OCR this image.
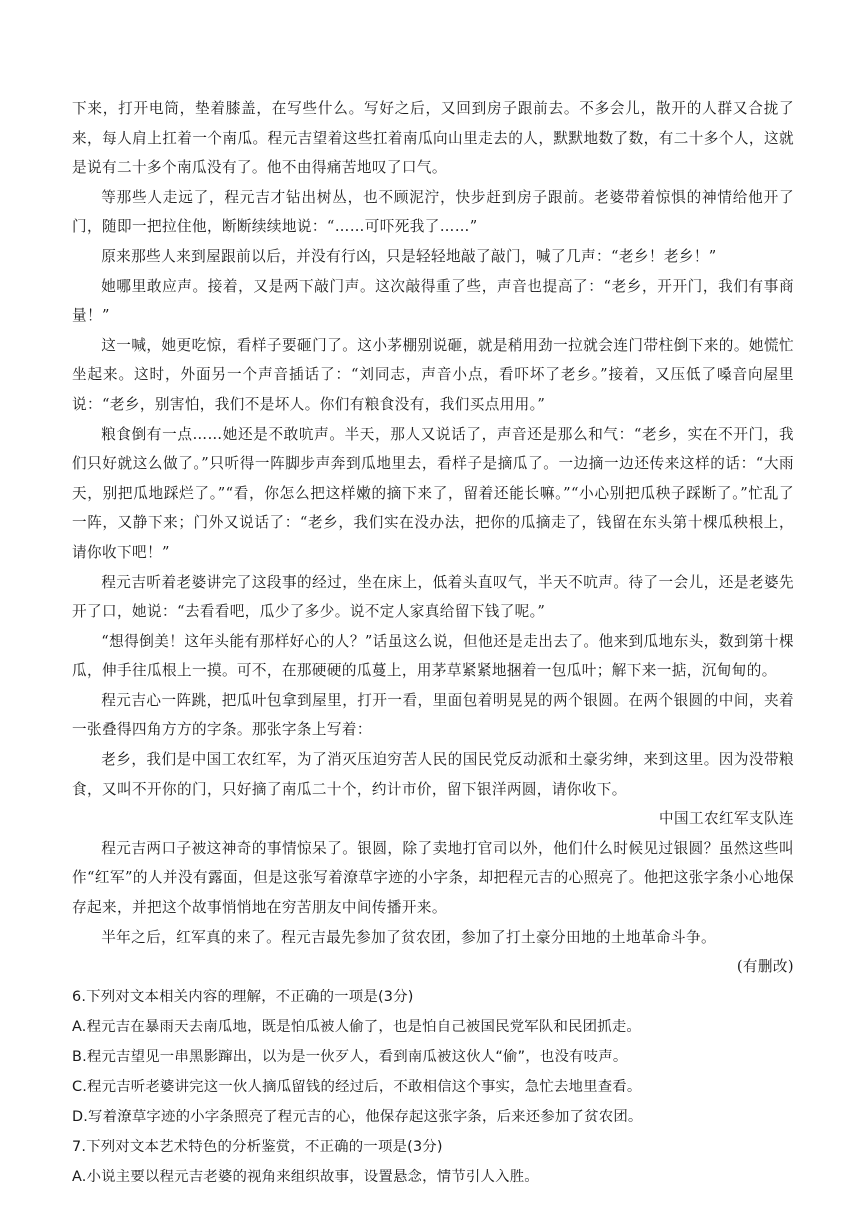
下来，打开电筒，垫着膝盖，在写些什么。写好之后，又回到房子跟前去。不多会儿，散开的人群又合拢了来，每人肩上扛着一个南瓜。程元吉望着这些扛着南瓜向山里走去的人，默默地数了数，有二十多个人，这就是说有二十多个南瓜没有了。他不由得痛苦地叹了口气。

等那些人走远了，程元吉才钻出树丛，也不顾泥泞，快步赶到房子跟前。老婆带着惊惧的神情给他开了门，随即一把拉住他，断断续续地说：“……可吓死我了……”

原来那些人来到屋跟前以后，并没有行凶，只是轻轻地敲了敲门，喊了几声：“老乡！老乡！”

她哪里敢应声。接着，又是两下敲门声。这次敲得重了些，声音也提高了：“老乡，开开门，我们有事商量！”

这一喊，她更吃惊，看样子要砸门了。这小茅棚别说砸，就是稍用劲一拉就会连门带柱倒下来的。她慌忙坐起来。这时，外面另一个声音插话了：“刘同志，声音小点，看吓坏了老乡。”接着，又压低了嗓音向屋里说：“老乡，别害怕，我们不是坏人。你们有粮食没有，我们买点用用。”

粮食倒有一点……她还是不敢吭声。半天，那人又说话了，声音还是那么和气：“老乡，实在不开门，我们只好就这么做了。”只听得一阵脚步声奔到瓜地里去，看样子是摘瓜了。一边摘一边还传来这样的话：“大雨天，别把瓜地踩烂了。”“看，你怎么把这样嫩的摘下来了，留着还能长嘛。”“小心别把瓜秧子踩断了。”忙乱了一阵，又静下来；门外又说话了：“老乡，我们实在没办法，把你的瓜摘走了，钱留在东头第十棵瓜秧根上，请你收下吧！”

程元吉听着老婆讲完了这段事的经过，坐在床上，低着头直叹气，半天不吭声。待了一会儿，还是老婆先开了口，她说：“去看看吧，瓜少了多少。说不定人家真给留下钱了呢。”

“想得倒美！这年头能有那样好心的人？”话虽这么说，但他还是走出去了。他来到瓜地东头，数到第十棵瓜，伸手往瓜根上一摸。可不，在那硬硬的瓜蔓上，用茅草紧紧地捆着一包瓜叶；解下来一掂，沉甸甸的。

程元吉心一阵跳，把瓜叶包拿到屋里，打开一看，里面包着明晃晃的两个银圆。在两个银圆的中间，夹着一张叠得四角方方的字条。那张字条上写着：

老乡，我们是中国工农红军，为了消灭压迫穷苦人民的国民党反动派和土豪劣绅，来到这里。因为没带粮食，又叫不开你的门，只好摘了南瓜二十个，约计市价，留下银洋两圆，请你收下。

中国工农红军支队连

程元吉两口子被这神奇的事情惊呆了。银圆，除了卖地打官司以外，他们什么时候见过银圆？虽然这些叫作“红军”的人并没有露面，但是这张写着潦草字迹的小字条，却把程元吉的心照亮了。他把这张字条小心地保存起来，并把这个故事悄悄地在穷苦朋友中间传播开来。

半年之后，红军真的来了。程元吉最先参加了贫农团，参加了打土豪分田地的土地革命斗争。

(有删改)

6.下列对文本相关内容的理解，不正确的一项是(3分)
A.程元吉在暴雨天去南瓜地，既是怕瓜被人偷了，也是怕自己被国民党军队和民团抓走。
B.程元吉望见一串黑影蹿出，以为是一伙歹人，看到南瓜被这伙人“偷”，也没有吱声。
C.程元吉听老婆讲完这一伙人摘瓜留钱的经过后，不敢相信这个事实，急忙去地里查看。
D.写着潦草字迹的小字条照亮了程元吉的心，他保存起这张字条，后来还参加了贫农团。
7.下列对文本艺术特色的分析鉴赏，不正确的一项是(3分)
A.小说主要以程元吉老婆的视角来组织故事，设置悬念，情节引人入胜。
